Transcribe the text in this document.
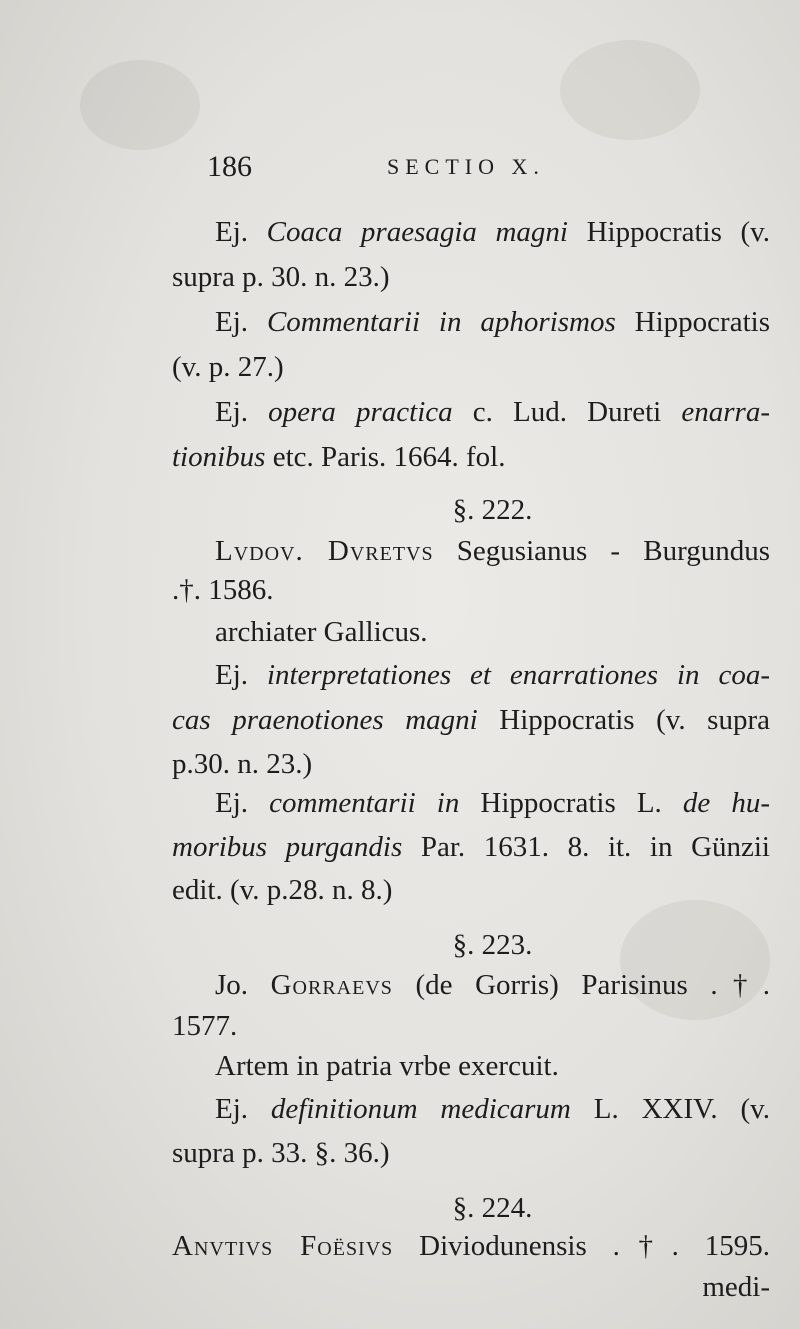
186	SECTIO X.
Ej. Coaca praesagia magni Hippocratis (v.
supra p. 30. n. 23.)
Ej. Commentarii in aphorismos Hippocratis
(v. p. 27.)
Ej. opera practica c. Lud. Dureti enarra-
tionibus etc. Paris. 1664. fol.
§. 222.
Lvdov. Dvretvs Segusianus - Burgundus
.†. 1586.
archiater Gallicus.
Ej. interpretationes et enarrationes in coa-
cas praenotiones magni Hippocratis (v. supra
p.30. n. 23.)
Ej. commentarii in Hippocratis L. de hu-
moribus purgandis Par. 1631. 8. it. in Günzii
edit. (v. p.28. n. 8.)
§. 223.
Jo. Gorraevs (de Gorris) Parisinus .†.
1577.
Artem in patria vrbe exercuit.
Ej. definitionum medicarum L. XXIV. (v.
supra p. 33. §. 36.)
§. 224.
Anvtivs Foësivs Diviodunensis .†. 1595.
medi-
